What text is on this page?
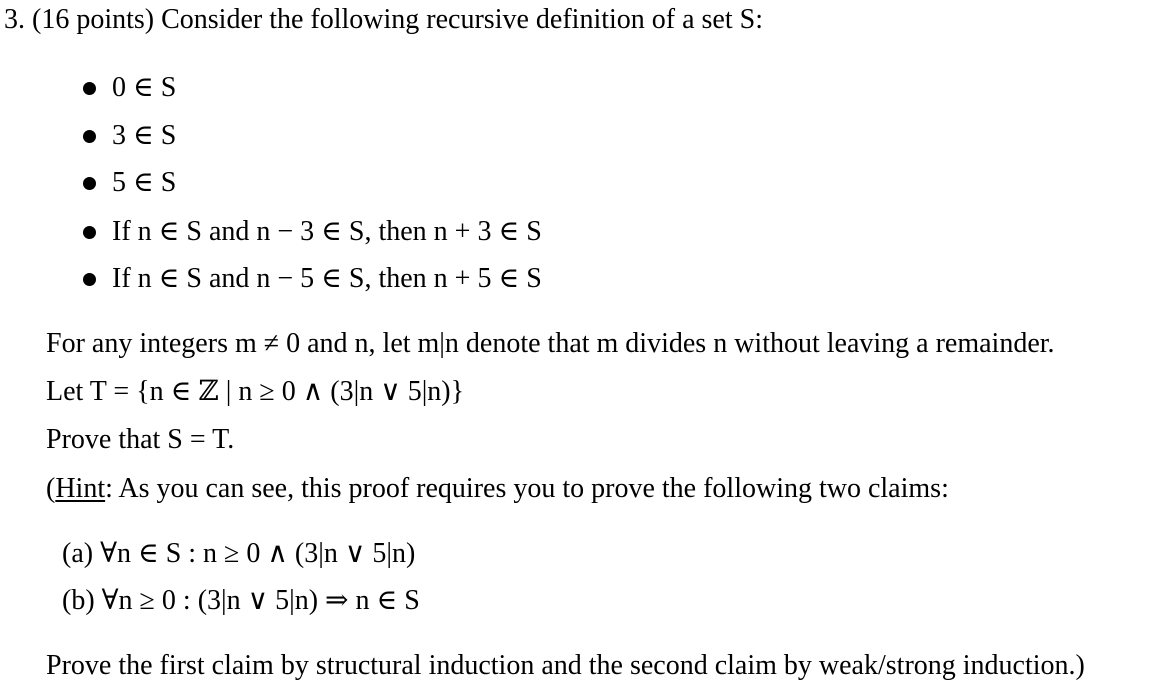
3. (16 points) Consider the following recursive definition of a set S:
0 ∈ S
3 ∈ S
5 ∈ S
If n ∈ S and n − 3 ∈ S, then n + 3 ∈ S
If n ∈ S and n − 5 ∈ S, then n + 5 ∈ S
For any integers m ≠ 0 and n, let m|n denote that m divides n without leaving a remainder.
Let T = {n ∈ ℤ | n ≥ 0 ∧ (3|n ∨ 5|n)}
Prove that S = T.
(Hint: As you can see, this proof requires you to prove the following two claims:
(a) ∀n ∈ S : n ≥ 0 ∧ (3|n ∨ 5|n)
(b) ∀n ≥ 0 : (3|n ∨ 5|n) ⇒ n ∈ S
Prove the first claim by structural induction and the second claim by weak/strong induction.)
